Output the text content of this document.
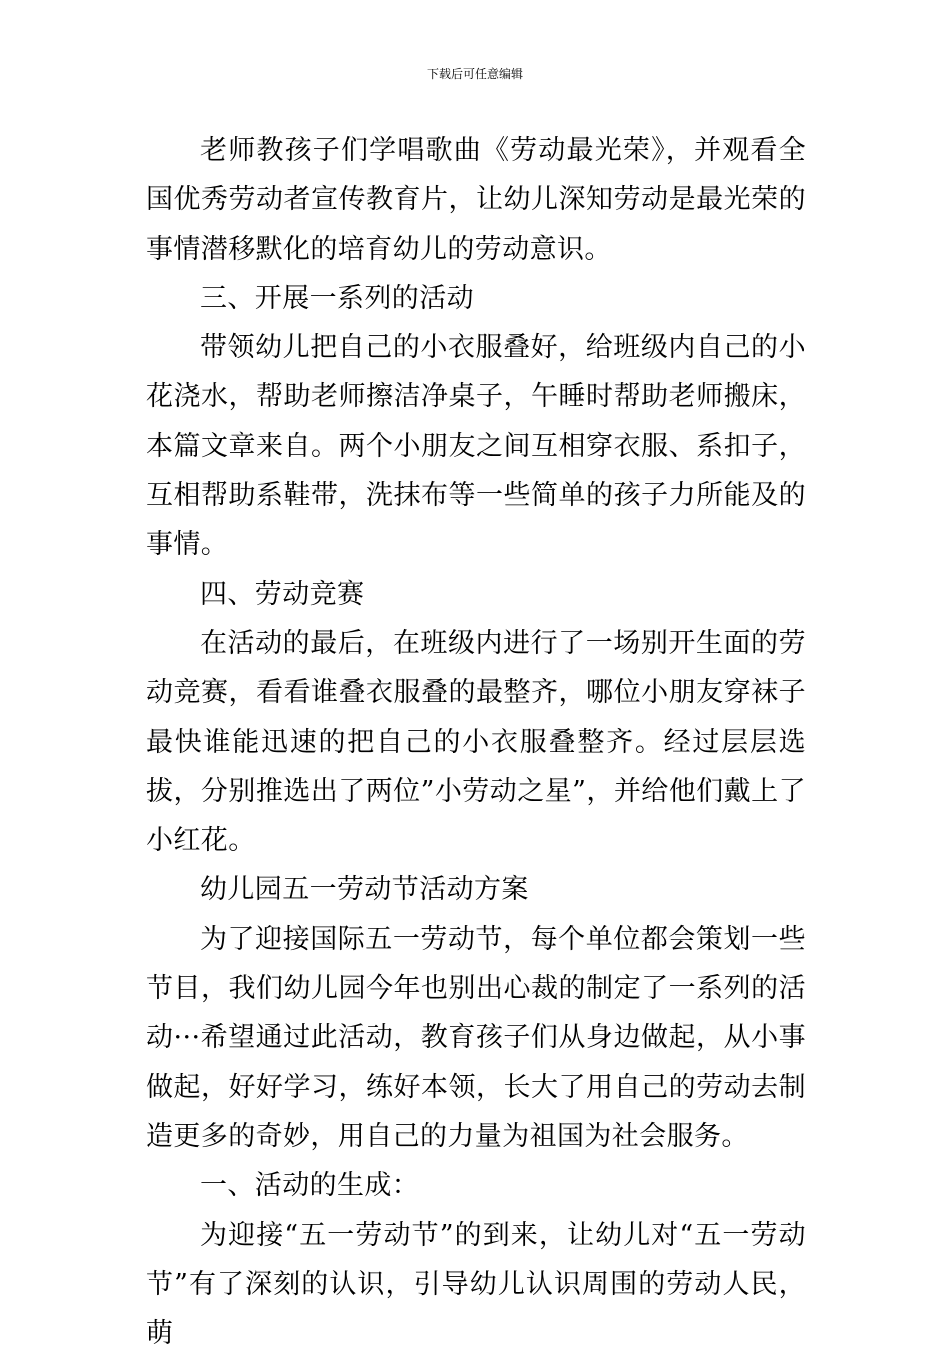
下载后可任意编辑

老师教孩子们学唱歌曲《劳动最光荣》，并观看全国优秀劳动者宣传教育片，让幼儿深知劳动是最光荣的事情潜移默化的培育幼儿的劳动意识。

三、开展一系列的活动

带领幼儿把自己的小衣服叠好，给班级内自己的小花浇水，帮助老师擦洁净桌子，午睡时帮助老师搬床，本篇文章来自。两个小朋友之间互相穿衣服、系扣子，互相帮助系鞋带，洗抹布等一些简单的孩子力所能及的事情。

四、劳动竞赛

在活动的最后，在班级内进行了一场别开生面的劳动竞赛，看看谁叠衣服叠的最整齐，哪位小朋友穿袜子最快谁能迅速的把自己的小衣服叠整齐。经过层层选拔，分别推选出了两位”小劳动之星”，并给他们戴上了小红花。

幼儿园五一劳动节活动方案

为了迎接国际五一劳动节，每个单位都会策划一些节目，我们幼儿园今年也别出心裁的制定了一系列的活动···希望通过此活动，教育孩子们从身边做起，从小事做起，好好学习，练好本领，长大了用自己的劳动去制造更多的奇妙，用自己的力量为祖国为社会服务。

一、活动的生成：

为迎接“五一劳动节”的到来，让幼儿对“五一劳动节”有了深刻的认识，引导幼儿认识周围的劳动人民，萌
